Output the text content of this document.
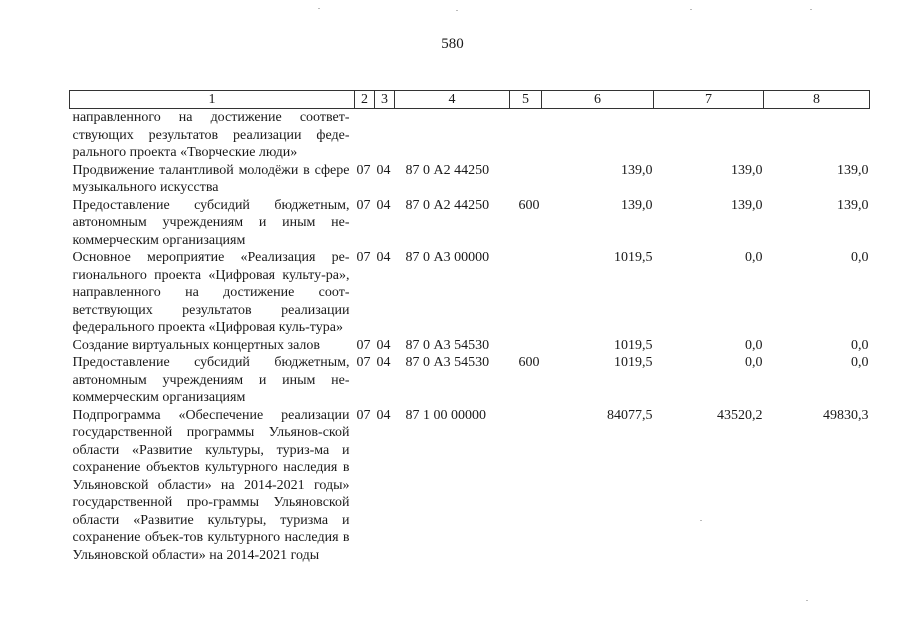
580
1	2	3	4	5	6	7	8
направленного на достижение соответ-ствующих результатов реализации феде-рального проекта «Творческие люди»							
Продвижение талантливой молодёжи в сфере музыкального искусства	07	04	87 0 А2 44250		139,0	139,0	139,0
Предоставление субсидий бюджетным, автономным учреждениям и иным не-коммерческим организациям	07	04	87 0 А2 44250	600	139,0	139,0	139,0
Основное мероприятие «Реализация ре-гионального проекта «Цифровая культу-ра», направленного на достижение соот-ветствующих результатов реализации федерального проекта «Цифровая куль-тура»	07	04	87 0 А3 00000		1019,5	0,0	0,0
Создание виртуальных концертных залов	07	04	87 0 А3 54530		1019,5	0,0	0,0
Предоставление субсидий бюджетным, автономным учреждениям и иным не-коммерческим организациям	07	04	87 0 А3 54530	600	1019,5	0,0	0,0
Подпрограмма «Обеспечение реализации государственной программы Ульянов-ской области «Развитие культуры, туриз-ма и сохранение объектов культурного наследия в Ульяновской области» на 2014-2021 годы» государственной про-граммы Ульяновской области «Развитие культуры, туризма и сохранение объек-тов культурного наследия в Ульяновской области» на 2014-2021 годы	07	04	87 1 00 00000		84077,5	43520,2	49830,3
